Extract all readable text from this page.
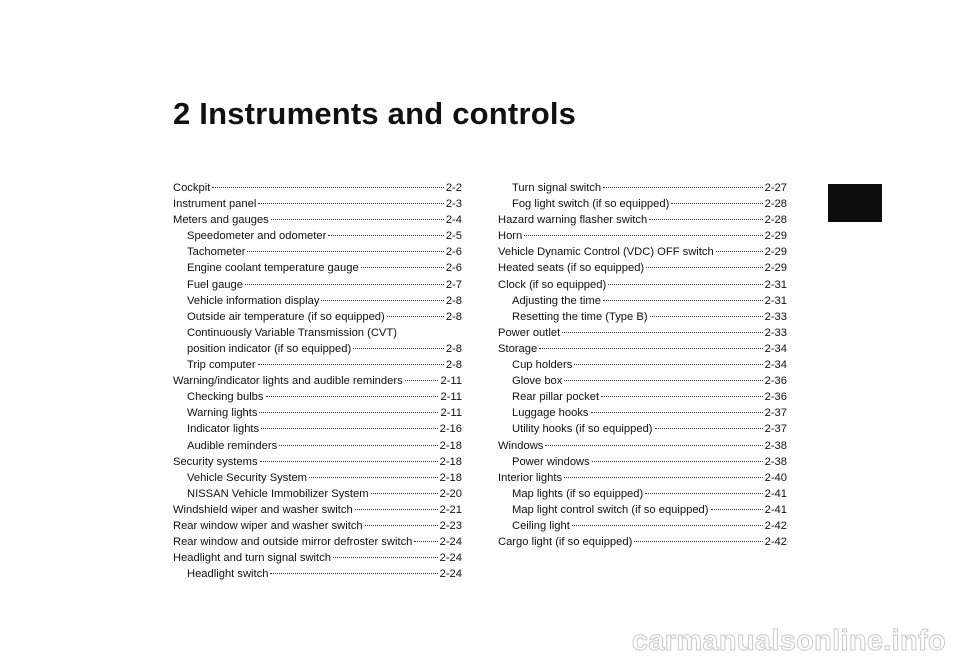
2 Instruments and controls
Cockpit	2-2
Instrument panel	2-3
Meters and gauges	2-4
Speedometer and odometer	2-5
Tachometer	2-6
Engine coolant temperature gauge	2-6
Fuel gauge	2-7
Vehicle information display	2-8
Outside air temperature (if so equipped)	2-8
Continuously Variable Transmission (CVT)
position indicator (if so equipped)	2-8
Trip computer	2-8
Warning/indicator lights and audible reminders	2-11
Checking bulbs	2-11
Warning lights	2-11
Indicator lights	2-16
Audible reminders	2-18
Security systems	2-18
Vehicle Security System	2-18
NISSAN Vehicle Immobilizer System	2-20
Windshield wiper and washer switch	2-21
Rear window wiper and washer switch	2-23
Rear window and outside mirror defroster switch 2-24
Headlight and turn signal switch	2-24
Headlight switch	2-24
Turn signal switch	2-27
Fog light switch (if so equipped)	2-28
Hazard warning flasher switch	2-28
Horn	2-29
Vehicle Dynamic Control (VDC) OFF switch	2-29
Heated seats (if so equipped)	2-29
Clock (if so equipped)	2-31
Adjusting the time	2-31
Resetting the time (Type B)	2-33
Power outlet	2-33
Storage	2-34
Cup holders	2-34
Glove box	2-36
Rear pillar pocket	2-36
Luggage hooks	2-37
Utility hooks (if so equipped)	2-37
Windows	2-38
Power windows	2-38
Interior lights	2-40
Map lights (if so equipped)	2-41
Map light control switch (if so equipped)	2-41
Ceiling light	2-42
Cargo light (if so equipped)	2-42

carmanualsonline.info
